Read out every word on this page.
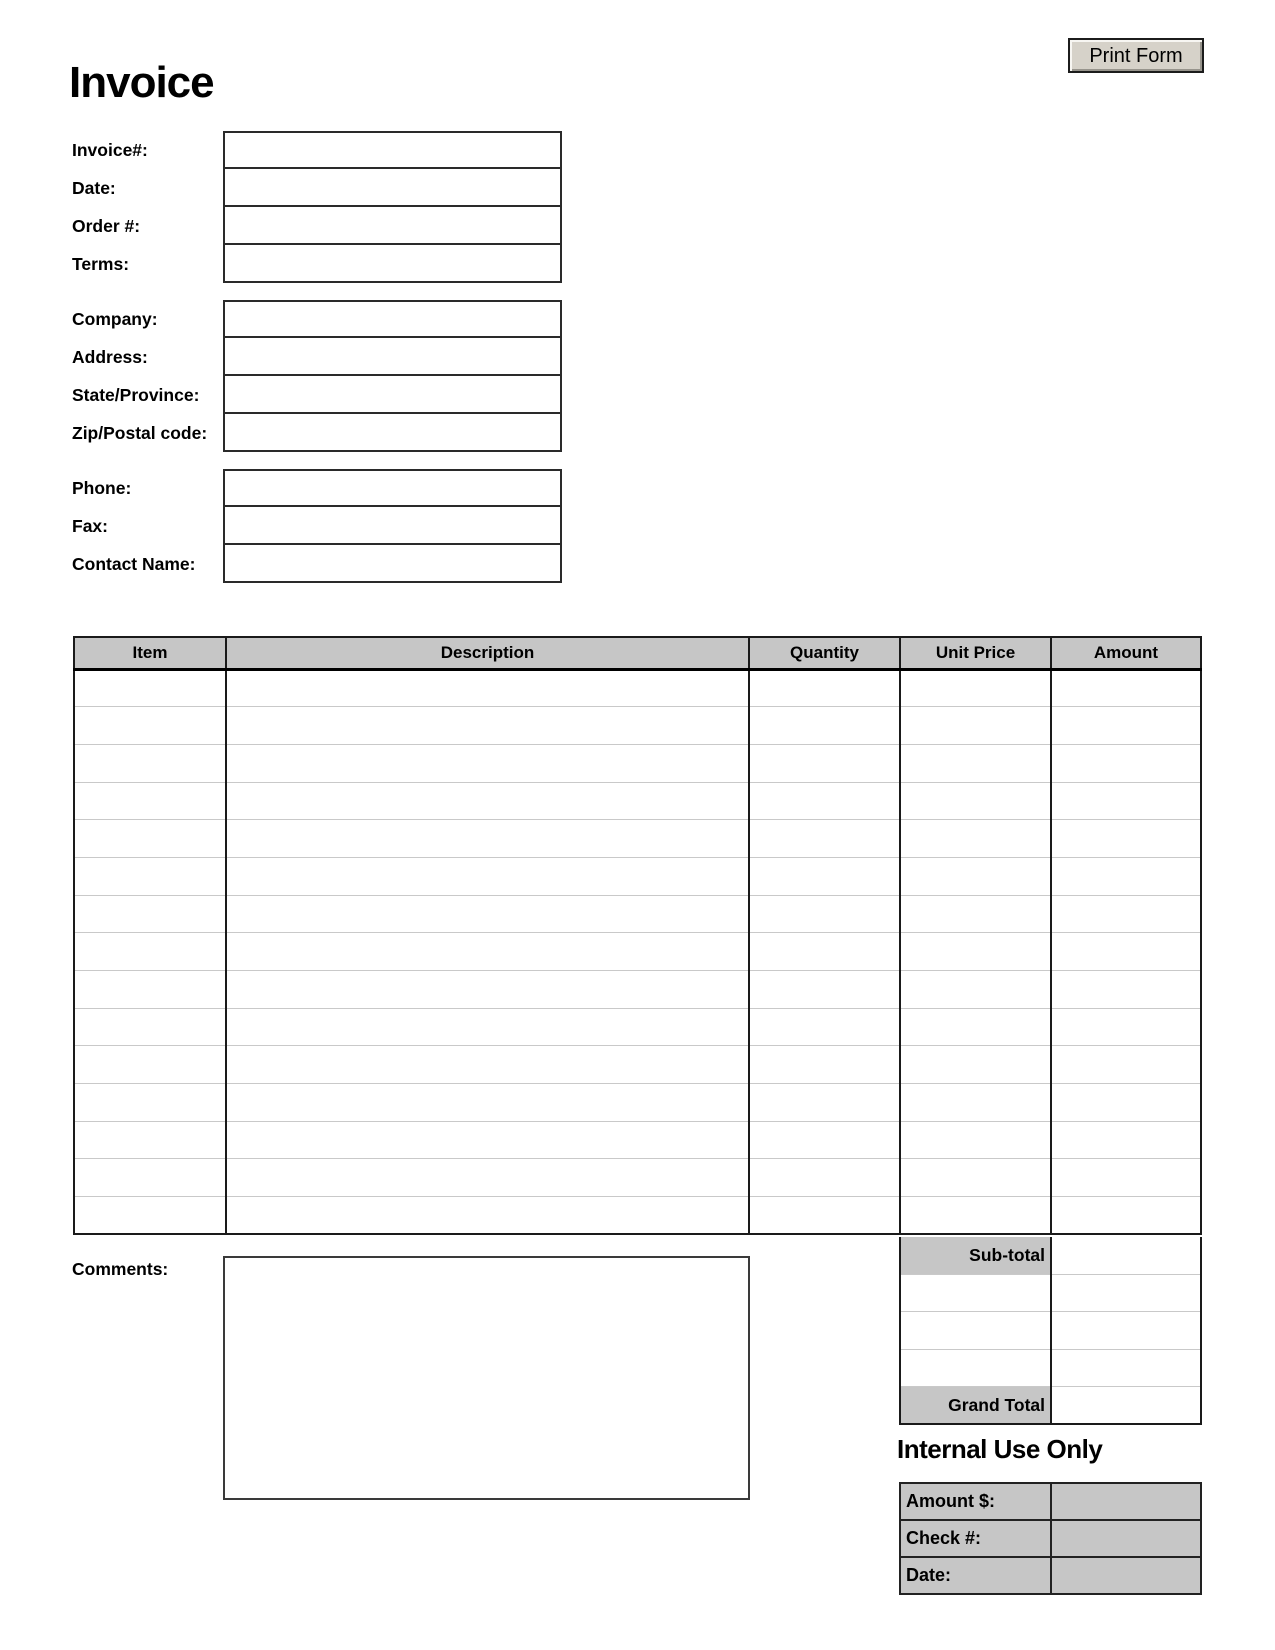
Print Form
Invoice
Invoice#:
Date:
Order #:
Terms:
Company:
Address:
State/Province:
Zip/Postal code:
Phone:
Fax:
Contact Name:
Item	Description	Quantity	Unit Price	Amount

Sub-total	

Grand Total	
Comments:
Internal Use Only
Amount $:	
Check #:	
Date:	
